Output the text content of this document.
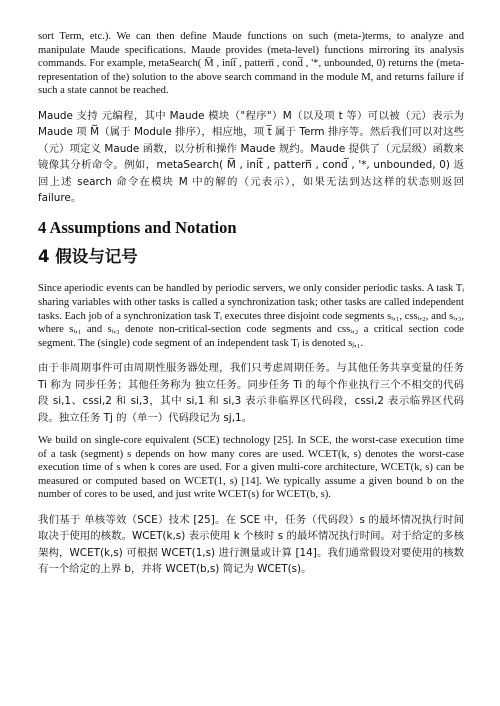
sort Term, etc.). We can then define Maude functions on such (meta-)terms, to analyze and manipulate Maude specifications. Maude provides (meta-level) functions mirroring its analysis commands. For example, metaSearch( M̅ , init̅ , pattern̅ , cond̅ , '*, unbounded, 0) returns the (meta-representation of the) solution to the above search command in the module M, and returns failure if such a state cannot be reached.

Maude 支持 元编程，其中 Maude 模块（"程序"）M（以及项 t 等）可以被（元）表示为 Maude 项 M̅（属于 Module 排序），相应地，项 t̅ 属于 Term 排序等。然后我们可以对这些（元）项定义 Maude 函数，以分析和操作 Maude 规约。Maude 提供了（元层级）函数来镜像其分析命令。例如，metaSearch( M̅ , init̅ , pattern̅ , cond̅ , '*, unbounded, 0) 返回上述 search 命令在模块 M 中的解的（元表示），如果无法到达这样的状态则返回 failure。

4 Assumptions and Notation
4 假设与记号

Since aperiodic events can be handled by periodic servers, we only consider periodic tasks. A task Tᵢ sharing variables with other tasks is called a synchronization task; other tasks are called independent tasks. Each job of a synchronization task Tᵢ executes three disjoint code segments sᵢ,₁, cssᵢ,₂, and sᵢ,₃, where sᵢ,₁ and sᵢ,₃ denote non-critical-section code segments and cssᵢ,₂ a critical section code segment. The (single) code segment of an independent task Tⱼ is denoted sⱼ,₁.

由于非周期事件可由周期性服务器处理，我们只考虑周期任务。与其他任务共享变量的任务 Ti 称为 同步任务；其他任务称为 独立任务。同步任务 Ti 的每个作业执行三个不相交的代码段 si,1、cssi,2 和 si,3，其中 si,1 和 si,3 表示非临界区代码段，cssi,2 表示临界区代码段。独立任务 Tj 的（单一）代码段记为 sj,1。

We build on single-core equivalent (SCE) technology [25]. In SCE, the worst-case execution time of a task (segment) s depends on how many cores are used. WCET(k, s) denotes the worst-case execution time of s when k cores are used. For a given multi-core architecture, WCET(k, s) can be measured or computed based on WCET(1, s) [14]. We typically assume a given bound b on the number of cores to be used, and just write WCET(s) for WCET(b, s).

我们基于 单核等效（SCE）技术 [25]。在 SCE 中，任务（代码段）s 的最坏情况执行时间取决于使用的核数。WCET(k,s) 表示使用 k 个核时 s 的最坏情况执行时间。对于给定的多核架构，WCET(k,s) 可根据 WCET(1,s) 进行测量或计算 [14]。我们通常假设对要使用的核数有一个给定的上界 b，并将 WCET(b,s) 简记为 WCET(s)。
